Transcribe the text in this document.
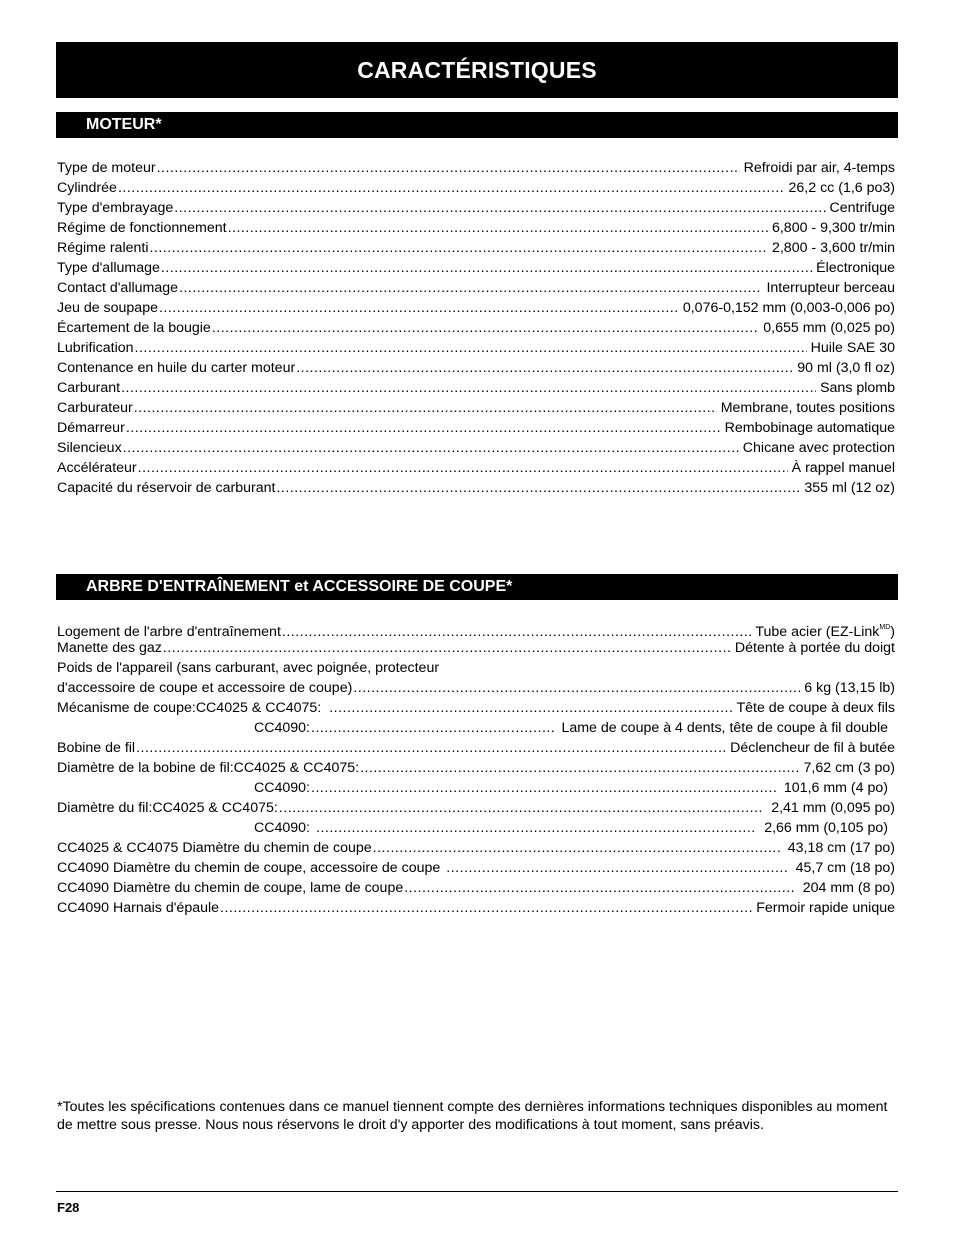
CARACTÉRISTIQUES
MOTEUR*
Type de moteur .....	Refroidi par air, 4-temps
Cylindrée .....	26,2 cc (1,6 po3)
Type d'embrayage .....	Centrifuge
Régime de fonctionnement .....	6,800 - 9,300 tr/min
Régime ralenti .....	2,800 - 3,600 tr/min
Type d'allumage .....	Électronique
Contact d'allumage .....	Interrupteur berceau
Jeu de soupape .....	0,076-0,152 mm (0,003-0,006 po)
Écartement de la bougie .....	0,655 mm (0,025 po)
Lubrification .....	Huile SAE 30
Contenance en huile du carter moteur .....	90 ml (3,0 fl oz)
Carburant .....	Sans plomb
Carburateur .....	Membrane, toutes positions
Démarreur .....	Rembobinage automatique
Silencieux .....	Chicane avec protection
Accélérateur .....	À rappel manuel
Capacité du réservoir de carburant .....	355 ml (12 oz)
ARBRE D'ENTRAÎNEMENT et ACCESSOIRE DE COUPE*
Logement de l'arbre d'entraînement .....	Tube acier (EZ-Link$^{MD}$)
Manette des gaz .....	Détente à portée du doigt
Poids de l'appareil (sans carburant, avec poignée, protecteur
d'accessoire de coupe et accessoire de coupe) .....	6 kg (13,15 lb)
Mécanisme de coupe: CC4025 & CC4075: .....	Tête de coupe à deux fils
CC4090: .....	Lame de coupe à 4 dents, tête de coupe à fil double
Bobine de fil .....	Déclencheur de fil à butée
Diamètre de la bobine de fil: CC4025 & CC4075: .....	7,62 cm (3 po)
CC4090: .....	101,6 mm (4 po)
Diamètre du fil: CC4025 & CC4075: .....	2,41 mm (0,095 po)
CC4090: .....	2,66 mm (0,105 po)
CC4025 & CC4075 Diamètre du chemin de coupe .....	43,18 cm (17 po)
CC4090 Diamètre du chemin de coupe, accessoire de coupe .....	45,7 cm (18 po)
CC4090 Diamètre du chemin de coupe, lame de coupe .....	204 mm (8 po)
CC4090 Harnais d'épaule .....	Fermoir rapide unique
*Toutes les spécifications contenues dans ce manuel tiennent compte des dernières informations techniques disponibles au moment de mettre sous presse. Nous nous réservons le droit d'y apporter des modifications à tout moment, sans préavis.
F28
